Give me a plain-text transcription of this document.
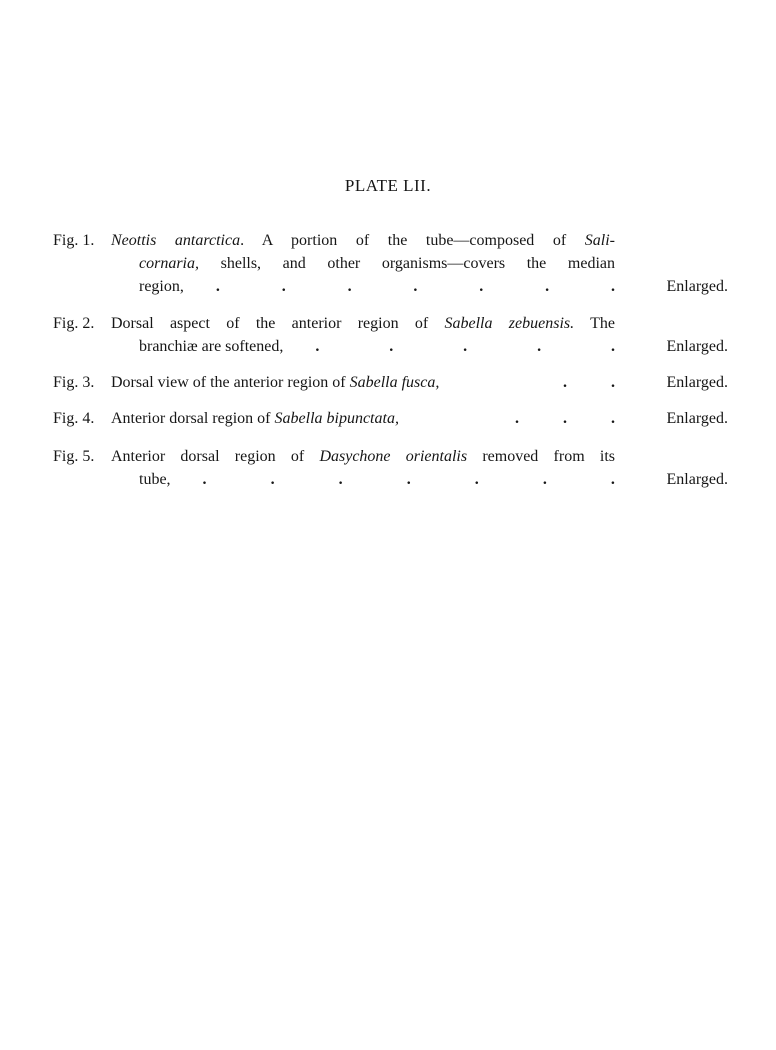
PLATE LII.
Fig. 1. Neottis antarctica. A portion of the tube—composed of Sali-
cornaria, shells, and other organisms—covers the median
region, .	.	.	.	.	.	.	Enlarged.
Fig. 2. Dorsal aspect of the anterior region of Sabella zebuensis. The
branchiæ are softened, .	.	.	.	.	Enlarged.
Fig. 3. Dorsal view of the anterior region of Sabella fusca,	.	.	Enlarged.
Fig. 4. Anterior dorsal region of Sabella bipunctata,	.	.	.	Enlarged.
Fig. 5. Anterior dorsal region of Dasychone orientalis removed from its
tube, .	.	.	.	.	.	.	Enlarged.
